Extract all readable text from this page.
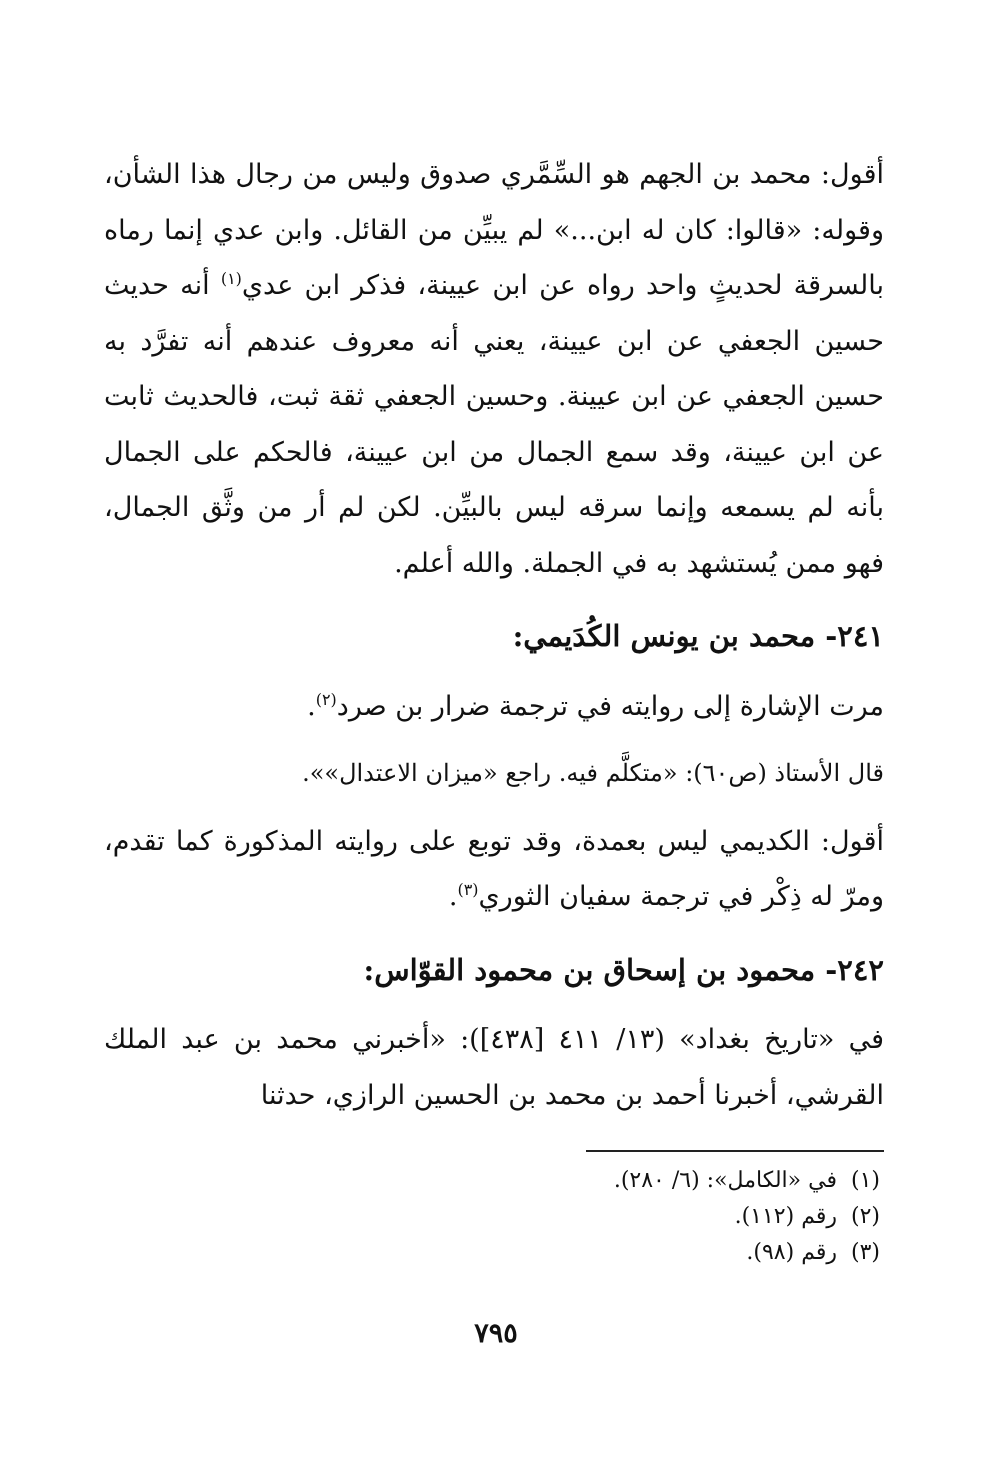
أقول: محمد بن الجهم هو السِّمَّري صدوق وليس من رجال هذا الشأن، وقوله: «قالوا: كان له ابن...» لم يبيِّن من القائل. وابن عدي إنما رماه بالسرقة لحديثٍ واحد رواه عن ابن عيينة، فذكر ابن عدي$^{(١)}$ أنه حديث حسين الجعفي عن ابن عيينة، يعني أنه معروف عندهم أنه تفرَّد به حسين الجعفي عن ابن عيينة. وحسين الجعفي ثقة ثبت، فالحديث ثابت عن ابن عيينة، وقد سمع الجمال من ابن عيينة، فالحكم على الجمال بأنه لم يسمعه وإنما سرقه ليس بالبيِّن. لكن لم أر من وثَّق الجمال، فهو ممن يُستشهد به في الجملة. والله أعلم.

٢٤١-محمد بن يونس الكُدَيمي:

مرت الإشارة إلى روايته في ترجمة ضرار بن صرد$^{(٢)}$.

قال الأستاذ (ص٦٠): «متكلَّم فيه. راجع «ميزان الاعتدال»».

أقول: الكديمي ليس بعمدة، وقد توبع على روايته المذكورة كما تقدم، ومرّ له ذِكْر في ترجمة سفيان الثوري$^{(٣)}$.

٢٤٢-محمود بن إسحاق بن محمود القوّاس:

في «تاريخ بغداد» (١٣/ ٤١١ [٤٣٨]): «أخبرني محمد بن عبد الملك القرشي، أخبرنا أحمد بن محمد بن الحسين الرازي، حدثنا

(١)في «الكامل»: (٦/ ٢٨٠).
(٢)رقم (١١٢).
(٣)رقم (٩٨).
٧٩٥
